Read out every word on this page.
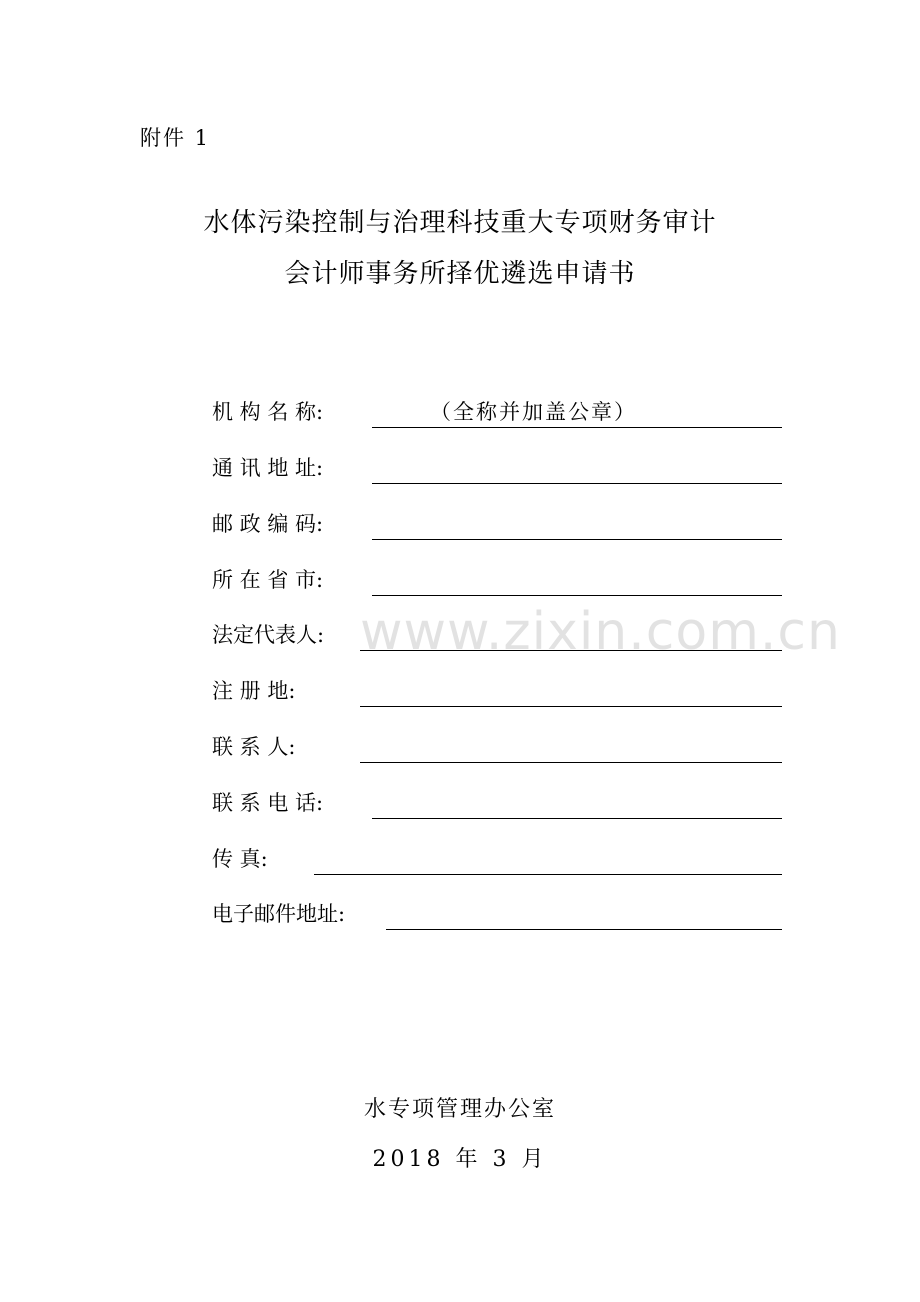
附件 1
水体污染控制与治理科技重大专项财务审计
会计师事务所择优遴选申请书
机 构 名 称:	（全称并加盖公章）
通 讯 地 址:
邮 政 编 码:
所 在 省 市:
法定代表人:
注 册 地:
联 系 人:
联 系 电 话:
传 真:
电子邮件地址:
www.zixin.com.cn
水专项管理办公室
2018 年 3 月
